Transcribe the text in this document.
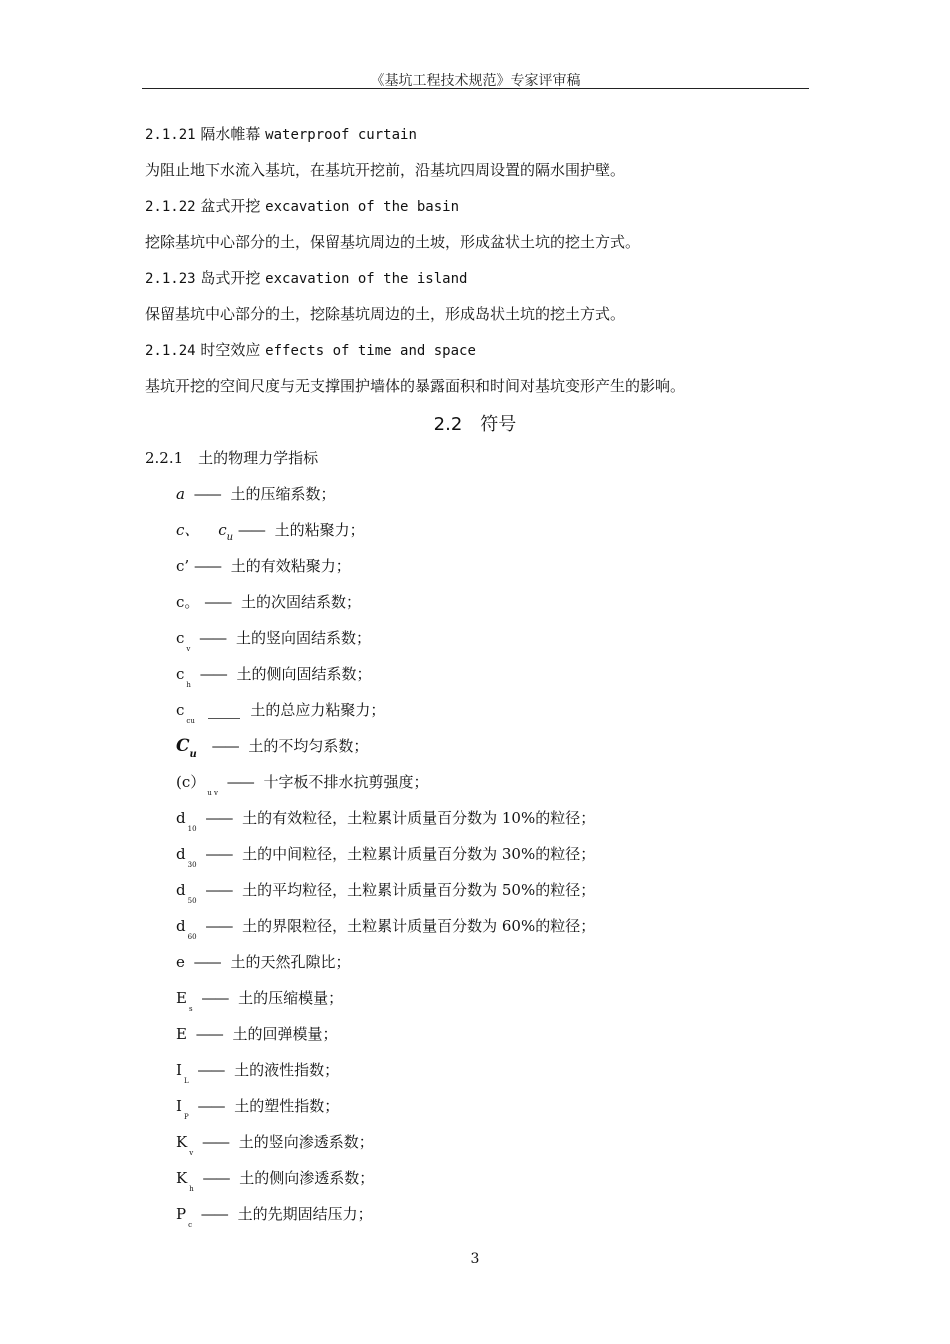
《基坑工程技术规范》专家评审稿
2.1.21 隔水帷幕 waterproof curtain
为阻止地下水流入基坑，在基坑开挖前，沿基坑四周设置的隔水围护壁。
2.1.22 盆式开挖 excavation of the basin
挖除基坑中心部分的土，保留基坑周边的土坡，形成盆状土坑的挖土方式。
2.1.23 岛式开挖 excavation of the island
保留基坑中心部分的土，挖除基坑周边的土，形成岛状土坑的挖土方式。
2.1.24 时空效应 effects of time and space
基坑开挖的空间尺度与无支撑围护墙体的暴露面积和时间对基坑变形产生的影响。
2.2　符号
2.2.1　土的物理力学指标
a —— 土的压缩系数；
c、 $c_u$ —— 土的粘聚力；
c’ —— 土的有效粘聚力；
c。 —— 土的次固结系数；
$c_v$ —— 土的竖向固结系数；
$c_h$ —— 土的侧向固结系数；
$c_{cu}$  土的总应力粘聚力；
$C_u$ —— 土的不均匀系数；
$(c)_{u v}$ —— 十字板不排水抗剪强度；
$d_{10}$ —— 土的有效粒径，土粒累计质量百分数为 10%的粒径；
$d_{30}$ —— 土的中间粒径，土粒累计质量百分数为 30%的粒径；
$d_{50}$ —— 土的平均粒径，土粒累计质量百分数为 50%的粒径；
$d_{60}$ —— 土的界限粒径，土粒累计质量百分数为 60%的粒径；
e —— 土的天然孔隙比；
$E_s$ —— 土的压缩模量；
E —— 土的回弹模量；
$I_L$ —— 土的液性指数；
$I_P$ —— 土的塑性指数；
$K_v$ —— 土的竖向渗透系数；
$K_h$ —— 土的侧向渗透系数；
$P_c$ —— 土的先期固结压力；
3
